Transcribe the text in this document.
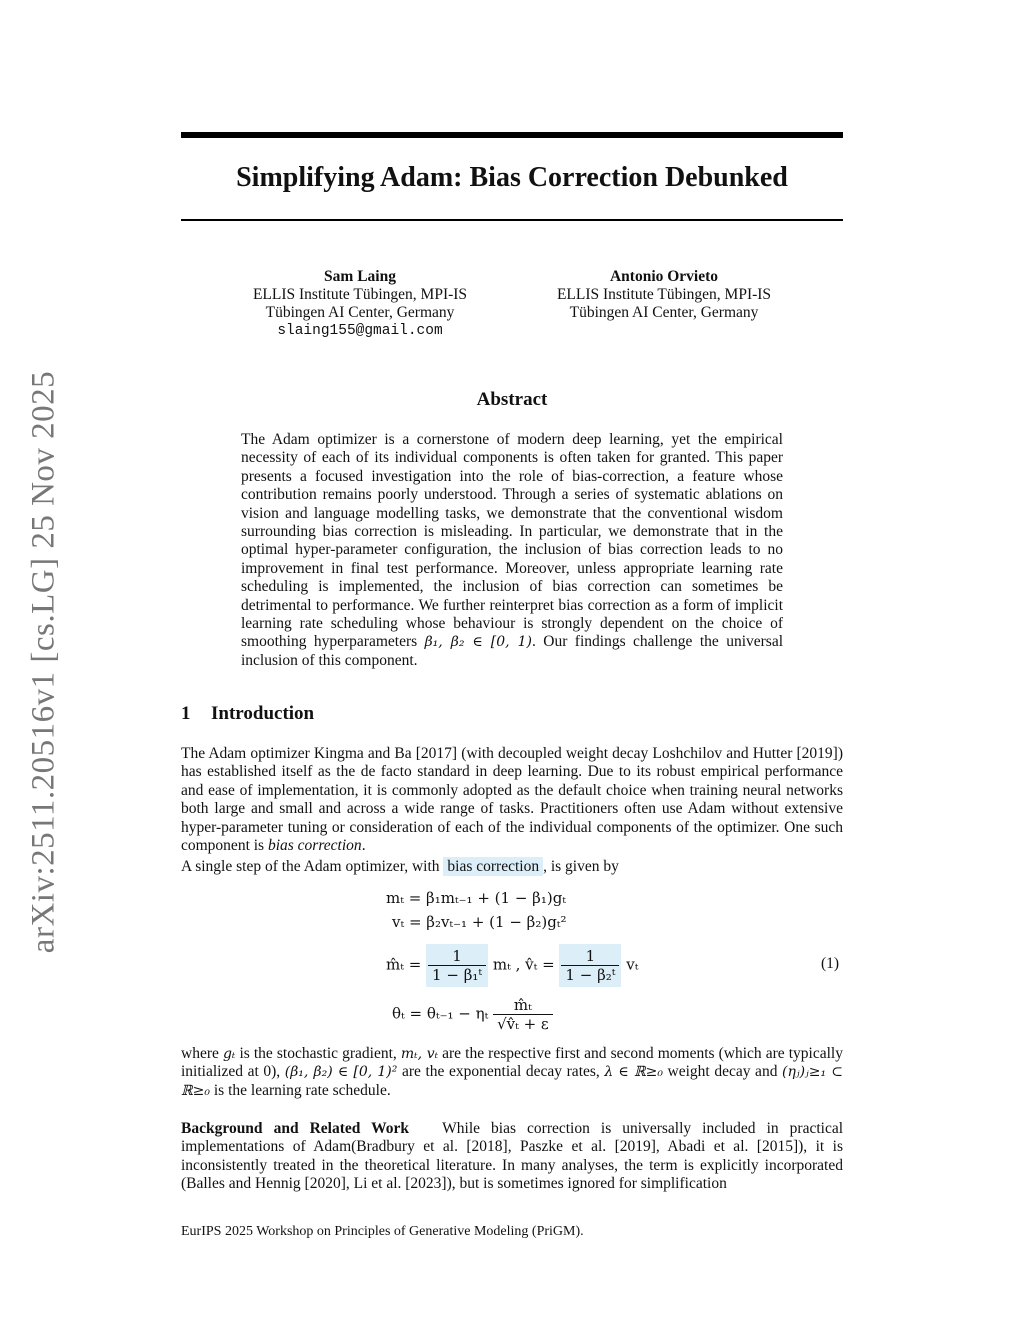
arXiv:2511.20516v1 [cs.LG] 25 Nov 2025
Simplifying Adam: Bias Correction Debunked
Sam Laing
ELLIS Institute Tübingen, MPI-IS
Tübingen AI Center, Germany
slaing155@gmail.com
Antonio Orvieto
ELLIS Institute Tübingen, MPI-IS
Tübingen AI Center, Germany
Abstract
The Adam optimizer is a cornerstone of modern deep learning, yet the empirical necessity of each of its individual components is often taken for granted. This paper presents a focused investigation into the role of bias-correction, a feature whose contribution remains poorly understood. Through a series of systematic ablations on vision and language modelling tasks, we demonstrate that the conventional wisdom surrounding bias correction is misleading. In particular, we demonstrate that in the optimal hyper-parameter configuration, the inclusion of bias correction leads to no improvement in final test performance. Moreover, unless appropriate learning rate scheduling is implemented, the inclusion of bias correction can sometimes be detrimental to performance. We further reinterpret bias correction as a form of implicit learning rate scheduling whose behaviour is strongly dependent on the choice of smoothing hyperparameters β₁, β₂ ∈ [0, 1). Our findings challenge the universal inclusion of this component.
1 Introduction
The Adam optimizer Kingma and Ba [2017] (with decoupled weight decay Loshchilov and Hutter [2019]) has established itself as the de facto standard in deep learning. Due to its robust empirical performance and ease of implementation, it is commonly adopted as the default choice when training neural networks both large and small and across a wide range of tasks. Practitioners often use Adam without extensive hyper-parameter tuning or consideration of each of the individual components of the optimizer. One such component is bias correction.
A single step of the Adam optimizer, with bias correction , is given by
mₜ = β₁mₜ₋₁ + (1 − β₁)gₜ
vₜ = β₂vₜ₋₁ + (1 − β₂)gₜ²
m̂ₜ = $\frac{1}{\text{1 − β₁ᵗ}}$ mₜ , v̂ₜ = $\frac{1}{\text{1 − β₂ᵗ}}$ vₜ
θₜ = θₜ₋₁ − ηₜ $\frac{\text{m̂ₜ}}{\text{√v̂ₜ + ε}}$
(1)
where gₜ is the stochastic gradient, mₜ, vₜ are the respective first and second moments (which are typically initialized at 0), (β₁, β₂) ∈ [0, 1)² are the exponential decay rates, λ ∈ ℝ≥₀ weight decay and (ηⱼ)ⱼ≥₁ ⊂ ℝ≥₀ is the learning rate schedule.
Background and Related Work While bias correction is universally included in practical implementations of Adam(Bradbury et al. [2018], Paszke et al. [2019], Abadi et al. [2015]), it is inconsistently treated in the theoretical literature. In many analyses, the term is explicitly incorporated (Balles and Hennig [2020], Li et al. [2023]), but is sometimes ignored for simplification
EurIPS 2025 Workshop on Principles of Generative Modeling (PriGM).
